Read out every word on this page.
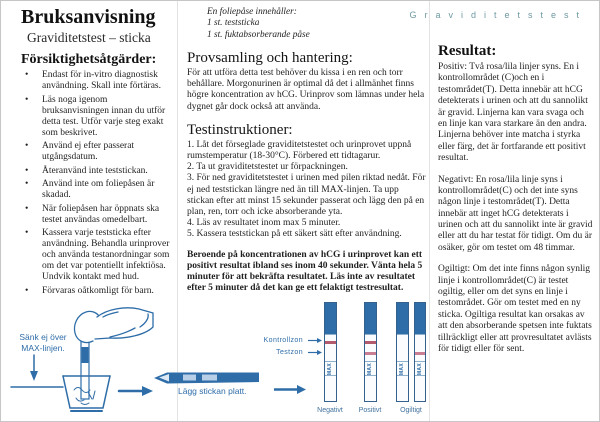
Graviditetstest
Bruksanvisning
Graviditetstest – sticka
Försiktighetsåtgärder:
• Endast för in-vitro diagnostisk användning. Skall inte förtäras.
• Läs noga igenom bruksanvisningen innan du utför detta test. Utför varje steg exakt som beskrivet.
• Använd ej efter passerat utgångsdatum.
• Återanvänd inte teststickan.
• Använd inte om foliepåsen är skadad.
• När foliepåsen har öppnats ska testet användas omedelbart.
• Kassera varje teststicka efter användning. Behandla urinprover och använda testanordningar som om det var potentiellt infektiösa. Undvik kontakt med hud.
• Förvaras oåtkomligt för barn.
En foliepåse innehåller:
1 st. teststicka
1 st. fuktabsorberande påse
Provsamling och hantering:

För att utföra detta test behöver du kissa i en ren och torr behållare. Morgonurinen är optimal då det i allmänhet finns högre koncentration av hCG. Urinprov som lämnas under hela dygnet går dock också att använda.

Testinstruktioner:
1. Låt det förseglade graviditetstestet och urinprovet uppnå rumstemperatur (18-30°C). Förbered ett tidtagarur.
2. Ta ut graviditetstestet ur förpackningen.
3. För ned graviditetstestet i urinen med pilen riktad nedåt. För ej ned teststickan längre ned än till MAX-linjen. Ta upp stickan efter att minst 15 sekunder passerat och lägg den på en plan, ren, torr och icke absorberande yta.
4. Läs av resultatet inom max 5 minuter.
5. Kassera teststickan på ett säkert sätt efter användning.

Beroende på koncentrationen av hCG i urinprovet kan ett positivt resultat ibland ses inom 40 sekunder. Vänta hela 5 minuter för att bekräfta resultatet. Läs inte av resultatet efter 5 minuter då det kan ge ett felaktigt testresultat.

Resultat:

Positiv: Två rosa/lila linjer syns. En i kontrollområdet (C)och en i testområdet(T). Detta innebär att hCG detekterats i urinen och att du sannolikt är gravid. Linjerna kan vara svaga och en linje kan vara starkare än den andra. Linjerna behöver inte matcha i styrka eller färg, det är fortfarande ett positivt resultat.

Negativt: En rosa/lila linje syns i kontrollområdet(C) och det inte syns någon linje i testområdet(T). Detta innebär att inget hCG detekterats i urinen och att du sannolikt inte är gravid eller att du har testat för tidigt. Om du är osäker, gör om testet om 48 timmar.

Ogiltigt: Om det inte finns någon synlig linje i kontrollområdet(C) är testet ogiltig, eller om det syns en linje i testområdet. Gör om testet med en ny sticka. Ogiltiga resultat kan orsakas av att den absorberande spetsen inte fuktats tillräckligt eller att provresultatet avlästs för tidigt eller för sent.

Sänk ej över MAX-linjen.
Lägg stickan platt.
Kontrollzon
Testzon
MAX	MAX	MAX MAX
Negativt	Positivt	Ogiltigt
